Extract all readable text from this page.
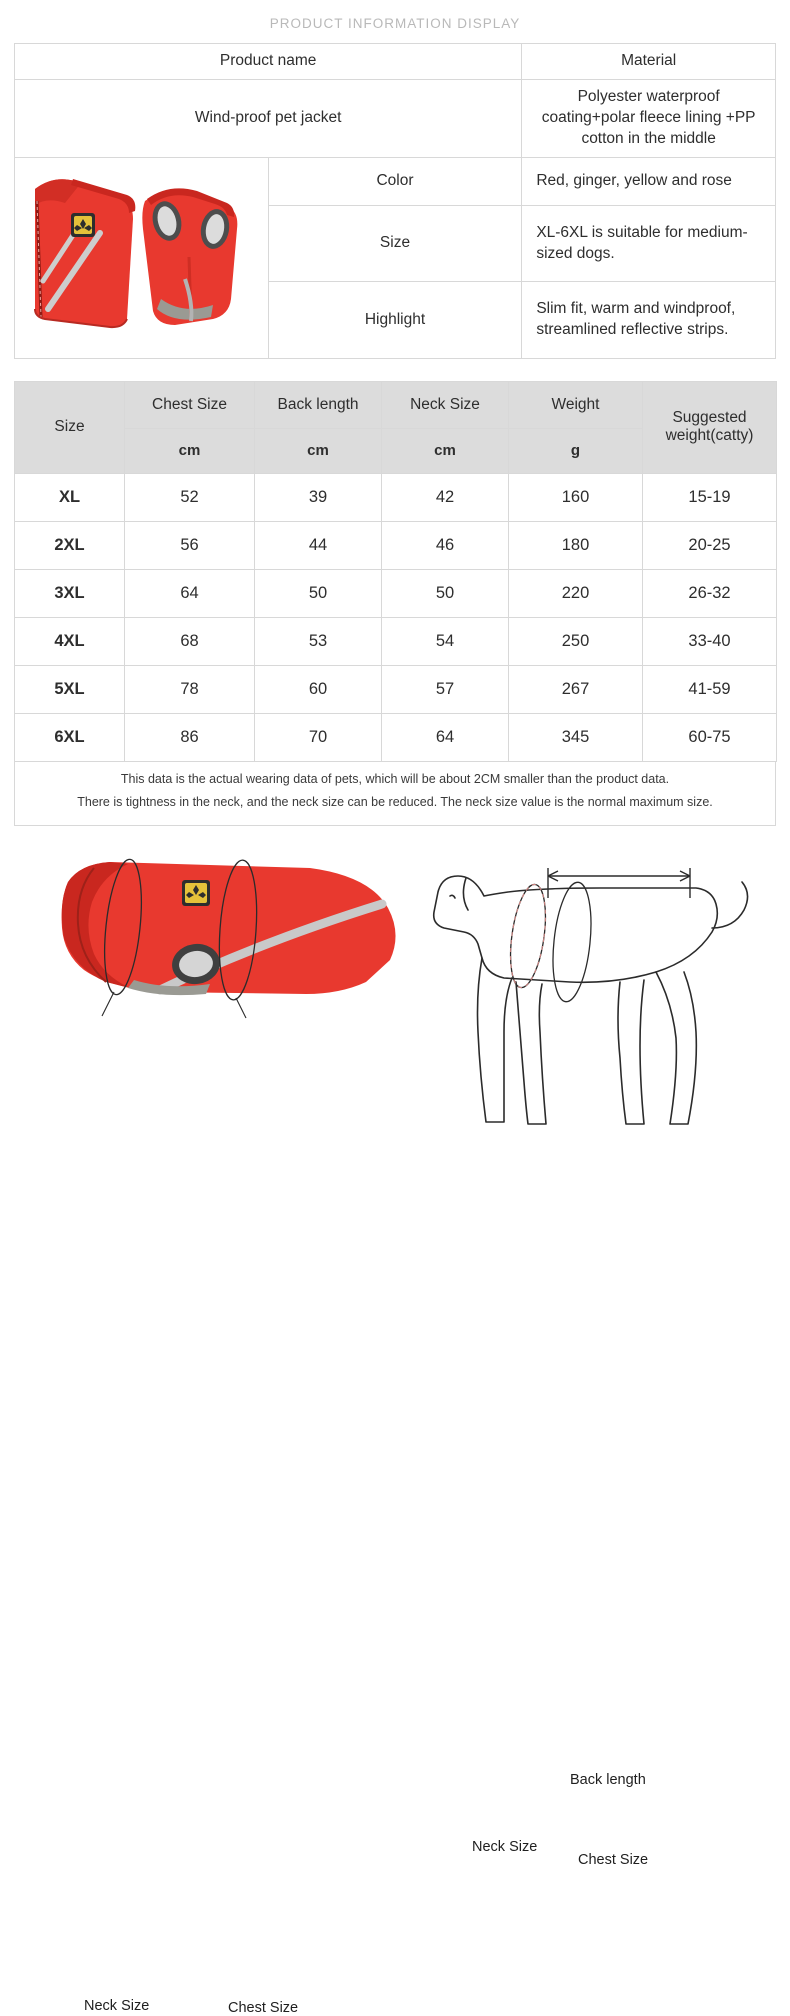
PRODUCT INFORMATION DISPLAY
Product name		Material
Wind-proof pet jacket		Polyester waterproof coating+polar fleece lining +PP cotton in the middle

	Color	Red, ginger, yellow and rose
	Size	XL-6XL is suitable for medium-sized dogs.
	Highlight	Slim fit, warm and windproof, streamlined reflective strips.
Size	Chest Size	Back length	Neck Size	Weight	Suggested weight(catty)
	cm	cm	cm	g	
XL	52	39	42	160	15-19
2XL	56	44	46	180	20-25
3XL	64	50	50	220	26-32
4XL	68	53	54	250	33-40
5XL	78	60	57	267	41-59
6XL	86	70	64	345	60-75
This data is the actual wearing data of pets, which will be about 2CM smaller than the product data.
There is tightness in the neck, and the neck size can be reduced. The neck size value is the normal maximum size.
Neck Size	Chest Size
Back length
Neck Size
Chest Size
